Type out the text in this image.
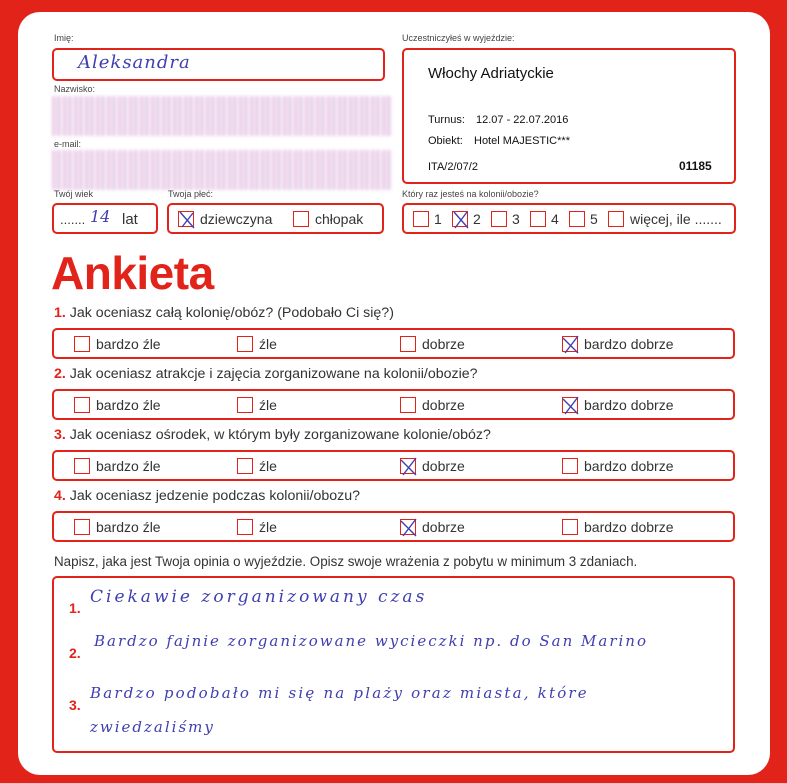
Imię:
Aleksandra
Nazwisko:
e-mail:
Uczestniczyłeś w wyjeździe:
Włochy Adriatyckie
Turnus: 12.07 - 22.07.2016
Obiekt: Hotel MAJESTIC***
ITA/2/07/2	01185
Twój wiek
....... 14 lat
Twoja płeć:
dziewczyna	chłopak
Który raz jesteś na kolonii/obozie?
1 2 3 4 5 więcej, ile .......
Ankieta
1. Jak oceniasz całą kolonię/obóz? (Podobało Ci się?)
bardzo źle	źle	dobrze	bardzo dobrze
2. Jak oceniasz atrakcje i zajęcia zorganizowane na kolonii/obozie?
bardzo źle	źle	dobrze	bardzo dobrze
3. Jak oceniasz ośrodek, w którym były zorganizowane kolonie/obóz?
bardzo źle	źle	dobrze	bardzo dobrze
4. Jak oceniasz jedzenie podczas kolonii/obozu?
bardzo źle	źle	dobrze	bardzo dobrze
Napisz, jaka jest Twoja opinia o wyjeździe. Opisz swoje wrażenia z pobytu w minimum 3 zdaniach.
1.
Ciekawie zorganizowany czas
2.
Bardzo fajnie zorganizowane wycieczki np. do San Marino
3.
Bardzo podobało mi się na plaży oraz miasta, które
zwiedzaliśmy
